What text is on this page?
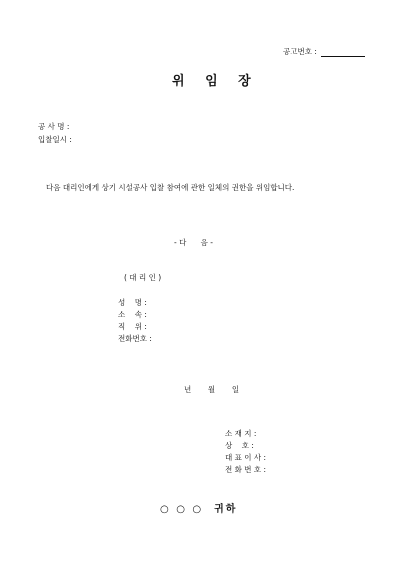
공고번호 :
위 임 장
공 사 명 :
입찰일시 :
다음 대리인에게 상기 시설공사 입찰 참여에 관한 일체의 권한을 위임합니다.
- 다      음 -
( 대 리 인 )
성    명 :
소    속 :
직    위 :
전화번호 :
년       월       일
소 재 지 :
상    호 :
대 표 이 사 :
전 화 번 호 :
○ ○ ○  귀하
